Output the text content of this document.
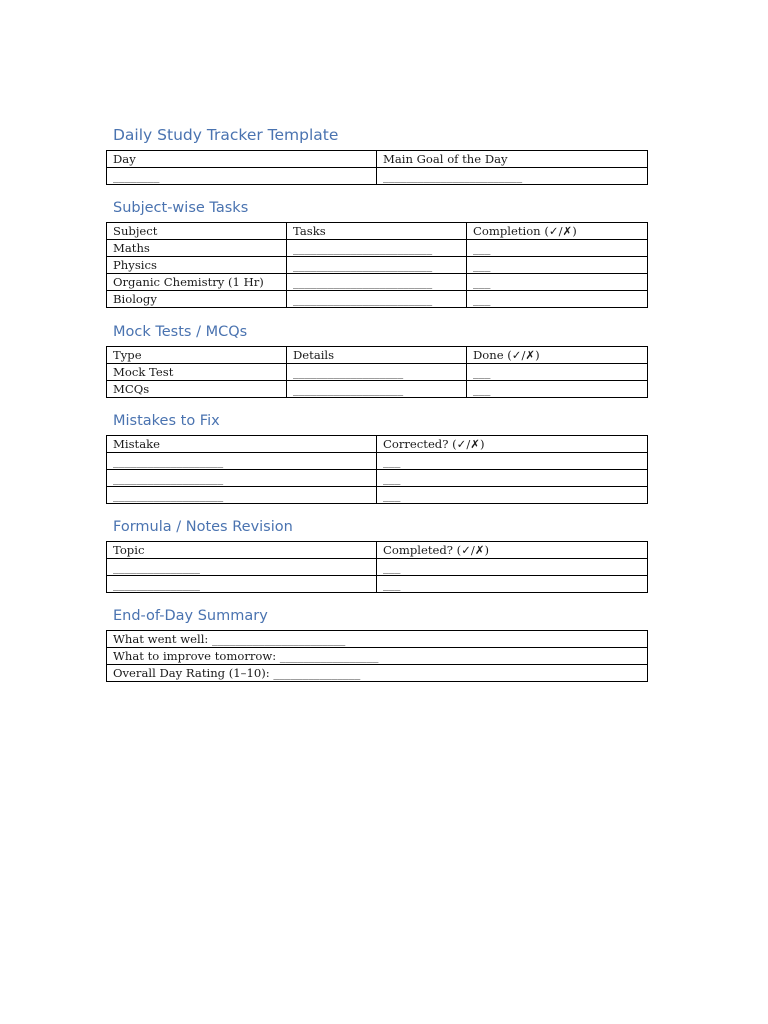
Daily Study Tracker Template
Day	Main Goal of the Day
________	________________________
Subject-wise Tasks
Subject	Tasks	Completion (✓/✗)
Maths	________________________	___
Physics	________________________	___
Organic Chemistry (1 Hr)	________________________	___
Biology	________________________	___
Mock Tests / MCQs
Type	Details	Done (✓/✗)
Mock Test	___________________	___
MCQs	___________________	___
Mistakes to Fix
Mistake	Corrected? (✓/✗)
___________________	___
___________________	___
___________________	___
Formula / Notes Revision
Topic	Completed? (✓/✗)
_______________	___
_______________	___
End-of-Day Summary
What went well: _______________________
What to improve tomorrow: _________________
Overall Day Rating (1–10): _______________
